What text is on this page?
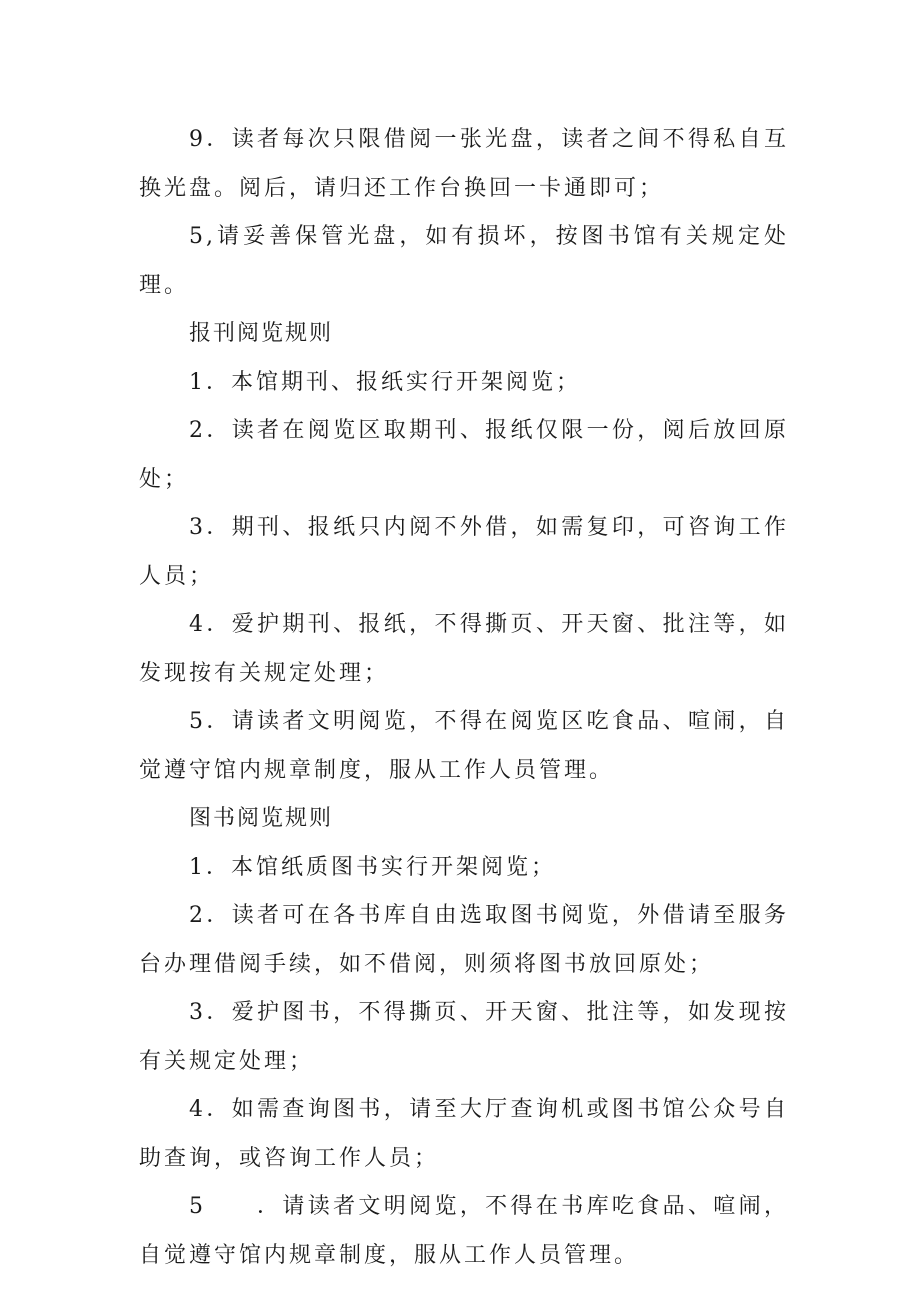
9．读者每次只限借阅一张光盘，读者之间不得私自互换光盘。阅后，请归还工作台换回一卡通即可；

5,请妥善保管光盘，如有损坏，按图书馆有关规定处理。

报刊阅览规则

1．本馆期刊、报纸实行开架阅览；

2．读者在阅览区取期刊、报纸仅限一份，阅后放回原处；

3．期刊、报纸只内阅不外借，如需复印，可咨询工作人员；

4．爱护期刊、报纸，不得撕页、开天窗、批注等，如发现按有关规定处理；

5．请读者文明阅览，不得在阅览区吃食品、喧闹，自觉遵守馆内规章制度，服从工作人员管理。

图书阅览规则

1．本馆纸质图书实行开架阅览；

2．读者可在各书库自由选取图书阅览，外借请至服务台办理借阅手续，如不借阅，则须将图书放回原处；

3．爱护图书，不得撕页、开天窗、批注等，如发现按有关规定处理；

4．如需查询图书，请至大厅查询机或图书馆公众号自助查询，或咨询工作人员；

5　　．请读者文明阅览，不得在书库吃食品、喧闹，自觉遵守馆内规章制度，服从工作人员管理。
